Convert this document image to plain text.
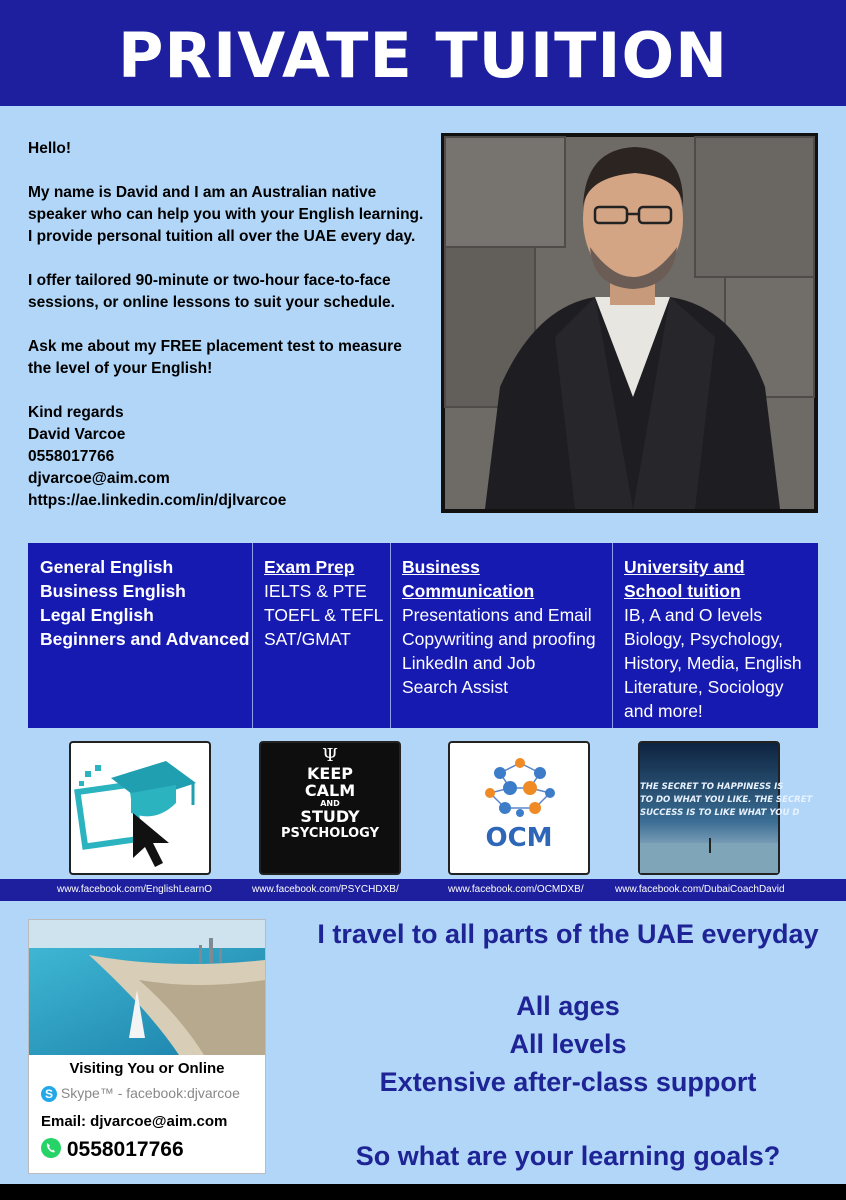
PRIVATE TUITION

Hello!

My name is David and I am an Australian native speaker who can help you with your English learning. I provide personal tuition all over the UAE every day.

I offer tailored 90-minute or two-hour face-to-face sessions, or online lessons to suit your schedule.

Ask me about my FREE placement test to measure the level of your English!

Kind regards
David Varcoe
0558017766
djvarcoe@aim.com
https://ae.linkedin.com/in/djlvarcoe
General English
Business English
Legal English
Beginners and Advanced
Exam Prep
IELTS & PTE
TOEFL & TEFL
SAT/GMAT
Business Communication
Presentations and Email
Copywriting and proofing
LinkedIn and Job
Search Assist
University and
School tuition
IB, A and O levels
Biology, Psychology,
History, Media, English
Literature, Sociology
and more!
Ψ
KEEP
CALM
AND
STUDY
PSYCHOLOGY	OCM
THE SECRET TO HAPPINESS IS
TO DO WHAT YOU LIKE. THE SECRET
SUCCESS IS TO LIKE WHAT YOU D
www.facebook.com/EnglishLearnO	www.facebook.com/PSYCHDXB/	www.facebook.com/OCMDXB/	www.facebook.com/DubaiCoachDavid
Visiting You or Online
S Skype™ - facebook:djvarcoe
Email: djvarcoe@aim.com
0558017766
I travel to all parts of the UAE everyday
All ages
All levels
Extensive after-class support
So what are your learning goals?
